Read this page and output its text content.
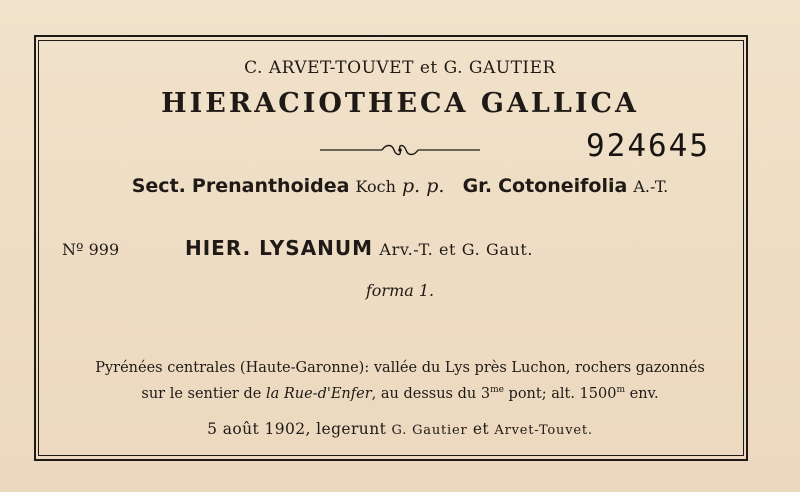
C. ARVET-TOUVET et G. GAUTIER
HIERACIOTHECA GALLICA
924645
Sect. Prenanthoidea Koch p. p. Gr. Cotoneifolia A.-T.
Nº 999	HIER. LYSANUM Arv.-T. et G. Gaut.
forma 1.
Pyrénées centrales (Haute-Garonne): vallée du Lys près Luchon, rochers gazonnés
sur le sentier de la Rue-d'Enfer, au dessus du $3^{me}$ pont; alt. 1500$^m$ env.
5 août 1902, legerunt G. Gautier et Arvet-Touvet.
